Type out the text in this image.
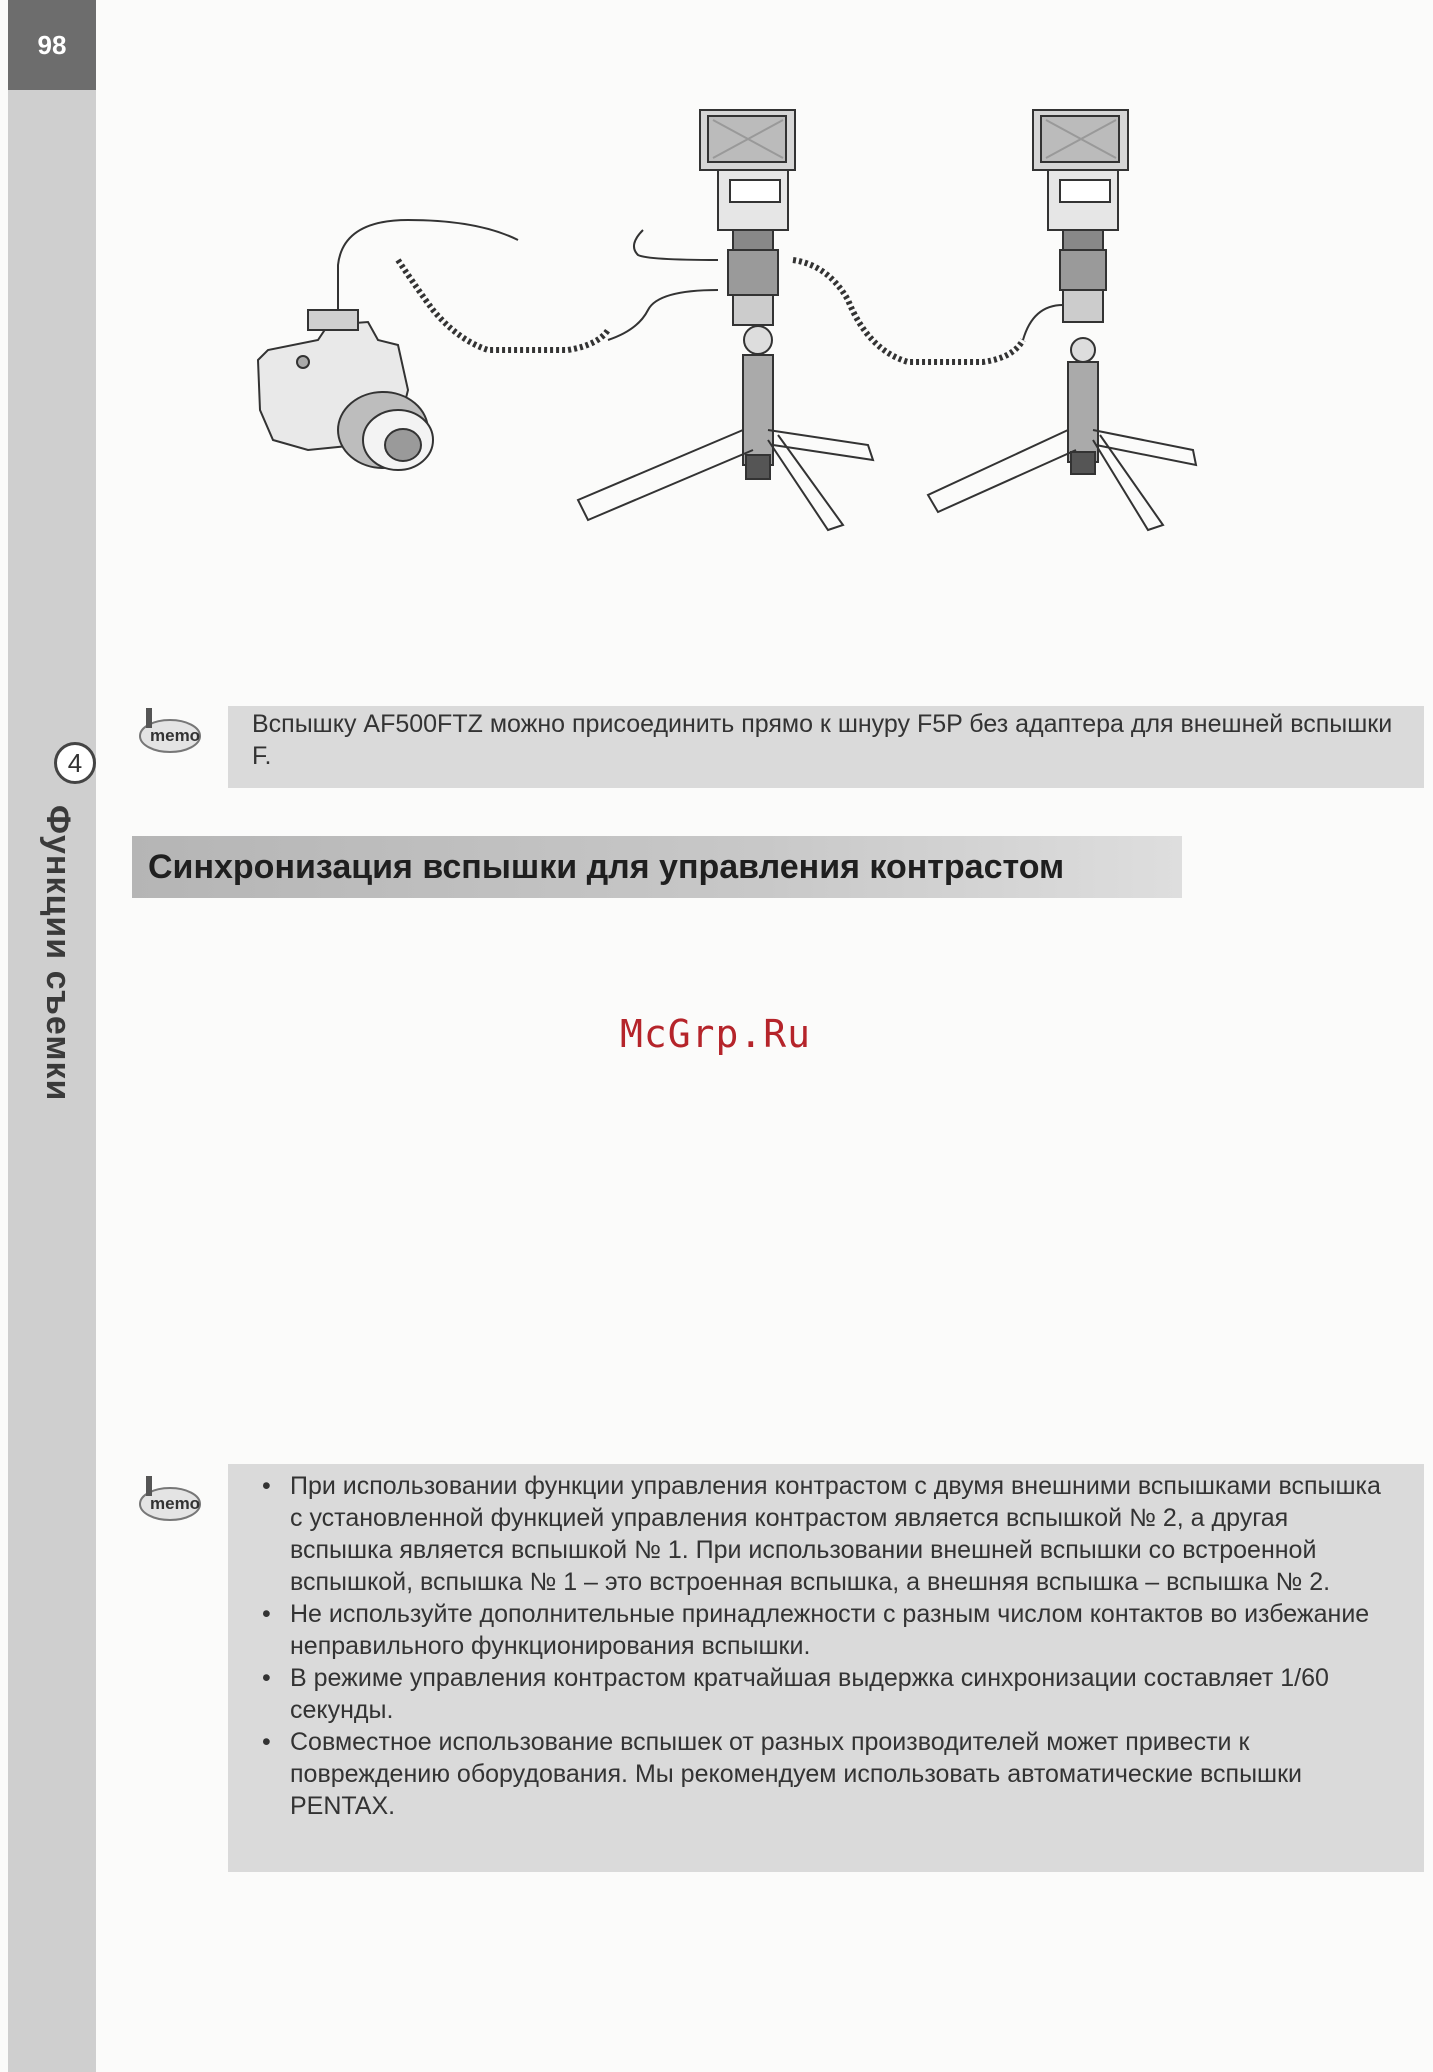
98
4
Функции съемки
memo	Вспышку AF500FTZ можно присоединить прямо к шнуру F5P без адаптера для внешней вспышки F.
Синхронизация вспышки для управления контрастом
McGrp.Ru
memo
• При использовании функции управления контрастом с двумя внешними вспышками вспышка с установленной функцией управления контрастом является вспышкой № 2, а другая вспышка является вспышкой № 1. При использовании внешней вспышки со встроенной вспышкой, вспышка № 1 – это встроенная вспышка, а внешняя вспышка – вспышка № 2.
• Не используйте дополнительные принадлежности с разным числом контактов во избежание неправильного функционирования вспышки.
• В режиме управления контрастом кратчайшая выдержка синхронизации составляет 1/60 секунды.
• Совместное использование вспышек от разных производителей может привести к повреждению оборудования. Мы рекомендуем использовать автоматические вспышки PENTAX.
